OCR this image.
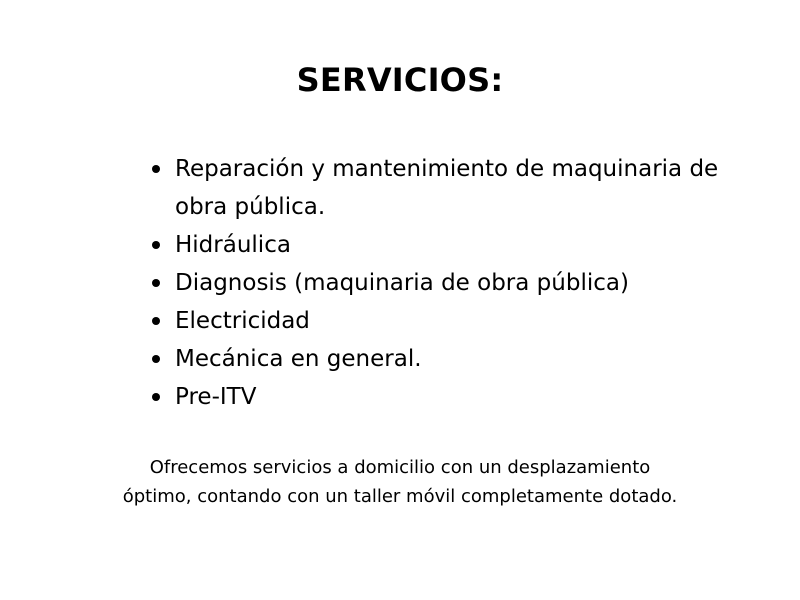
SERVICIOS:
Reparación y mantenimiento de maquinaria de obra pública.
Hidráulica
Diagnosis (maquinaria de obra pública)
Electricidad
Mecánica en general.
Pre-ITV

Ofrecemos servicios a domicilio con un desplazamiento
óptimo, contando con un taller móvil completamente dotado.
